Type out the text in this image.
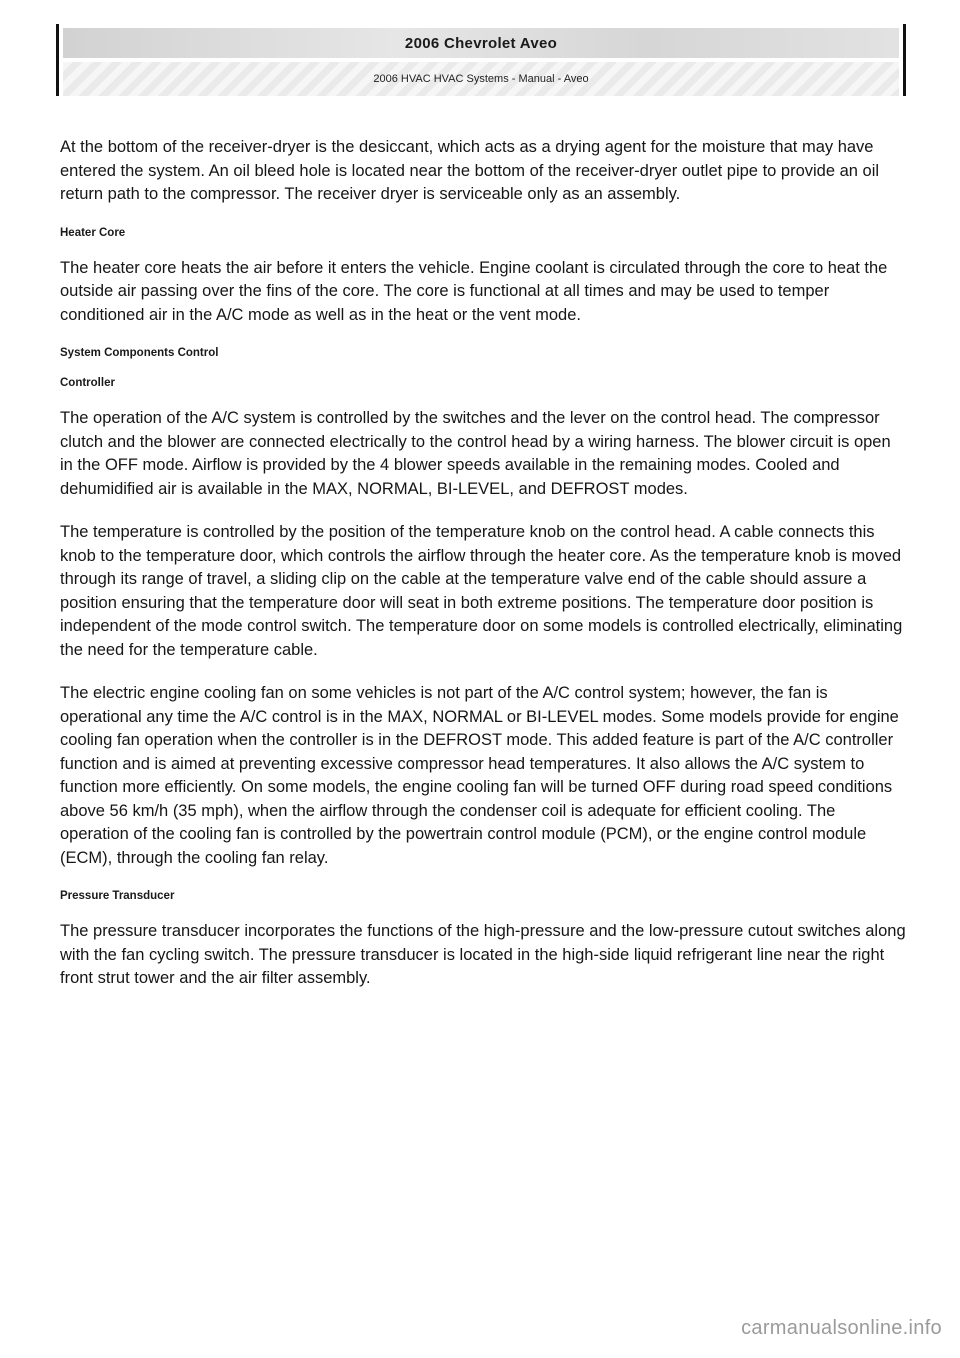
2006 Chevrolet Aveo
2006 HVAC HVAC Systems - Manual - Aveo

At the bottom of the receiver-dryer is the desiccant, which acts as a drying agent for the moisture that may have entered the system. An oil bleed hole is located near the bottom of the receiver-dryer outlet pipe to provide an oil return path to the compressor. The receiver dryer is serviceable only as an assembly.

Heater Core

The heater core heats the air before it enters the vehicle. Engine coolant is circulated through the core to heat the outside air passing over the fins of the core. The core is functional at all times and may be used to temper conditioned air in the A/C mode as well as in the heat or the vent mode.

System Components Control
Controller

The operation of the A/C system is controlled by the switches and the lever on the control head. The compressor clutch and the blower are connected electrically to the control head by a wiring harness. The blower circuit is open in the OFF mode. Airflow is provided by the 4 blower speeds available in the remaining modes. Cooled and dehumidified air is available in the MAX, NORMAL, BI-LEVEL, and DEFROST modes.

The temperature is controlled by the position of the temperature knob on the control head. A cable connects this knob to the temperature door, which controls the airflow through the heater core. As the temperature knob is moved through its range of travel, a sliding clip on the cable at the temperature valve end of the cable should assure a position ensuring that the temperature door will seat in both extreme positions. The temperature door position is independent of the mode control switch. The temperature door on some models is controlled electrically, eliminating the need for the temperature cable.

The electric engine cooling fan on some vehicles is not part of the A/C control system; however, the fan is operational any time the A/C control is in the MAX, NORMAL or BI-LEVEL modes. Some models provide for engine cooling fan operation when the controller is in the DEFROST mode. This added feature is part of the A/C controller function and is aimed at preventing excessive compressor head temperatures. It also allows the A/C system to function more efficiently. On some models, the engine cooling fan will be turned OFF during road speed conditions above 56 km/h (35 mph), when the airflow through the condenser coil is adequate for efficient cooling. The operation of the cooling fan is controlled by the powertrain control module (PCM), or the engine control module (ECM), through the cooling fan relay.

Pressure Transducer

The pressure transducer incorporates the functions of the high-pressure and the low-pressure cutout switches along with the fan cycling switch. The pressure transducer is located in the high-side liquid refrigerant line near the right front strut tower and the air filter assembly.

carmanualsonline.info
